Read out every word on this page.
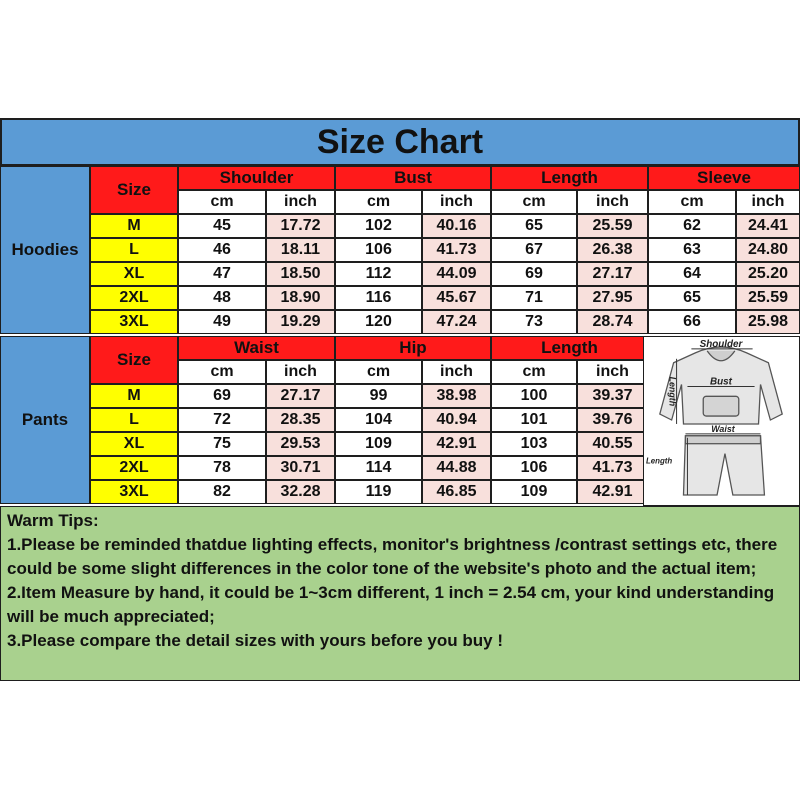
Size Chart
Hoodies
Size
Shoulder
cm	inch
Bust
cm	inch
Length
cm	inch
Sleeve
cm	inch
M	45	17.72	102	40.16	65	25.59	62	24.41
L	46	18.11	106	41.73	67	26.38	63	24.80
XL	47	18.50	112	44.09	69	27.17	64	25.20
2XL	48	18.90	116	45.67	71	27.95	65	25.59
3XL	49	19.29	120	47.24	73	28.74	66	25.98
Pants
Size
Waist
cm	inch
Hip
cm	inch
Length
cm	inch
M	69	27.17	99	38.98	100	39.37
L	72	28.35	104	40.94	101	39.76
XL	75	29.53	109	42.91	103	40.55
2XL	78	30.71	114	44.88	106	41.73
3XL	82	32.28	119	46.85	109	42.91
Shoulder
Bust
Length
Waist
Length

Warm Tips:

1.Please be reminded thatdue lighting effects, monitor's brightness /contrast settings etc, there could be some slight differences in the color tone of the website's photo and the actual item;

2.Item Measure by hand, it could be 1~3cm different, 1 inch = 2.54 cm, your kind understanding will be much appreciated;

3.Please compare the detail sizes with yours before you buy !
